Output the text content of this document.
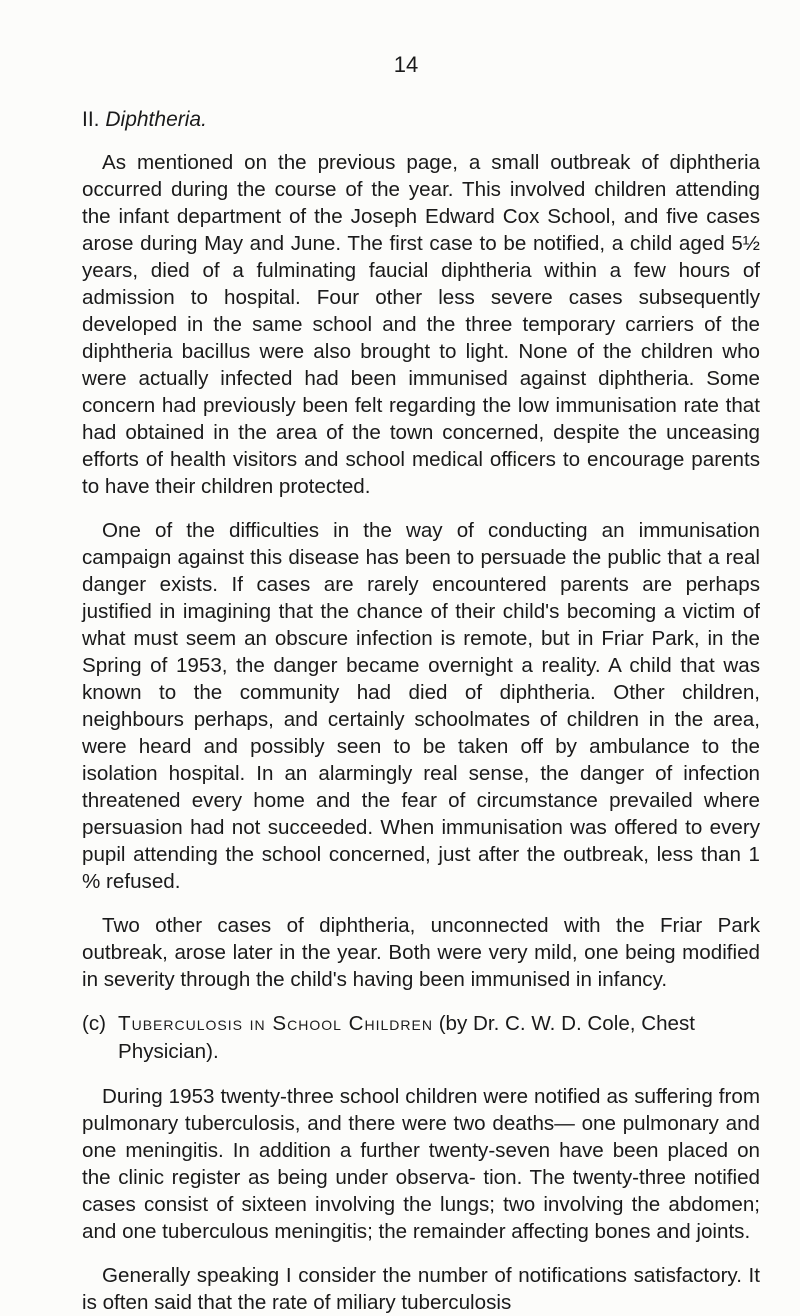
14
II. Diphtheria.

As mentioned on the previous page, a small outbreak of diphtheria occurred during the course of the year. This involved children attending the infant department of the Joseph Edward Cox School, and five cases arose during May and June. The first case to be notified, a child aged 5½ years, died of a fulminating faucial diphtheria within a few hours of admission to hospital. Four other less severe cases subsequently developed in the same school and the three temporary carriers of the diphtheria bacillus were also brought to light. None of the children who were actually infected had been immunised against diphtheria. Some concern had previously been felt regarding the low immunisation rate that had obtained in the area of the town concerned, despite the unceasing efforts of health visitors and school medical officers to encourage parents to have their children protected.

One of the difficulties in the way of conducting an immunisation campaign against this disease has been to persuade the public that a real danger exists. If cases are rarely encountered parents are perhaps justified in imagining that the chance of their child's becoming a victim of what must seem an obscure infection is remote, but in Friar Park, in the Spring of 1953, the danger became overnight a reality. A child that was known to the community had died of diphtheria. Other children, neighbours perhaps, and certainly schoolmates of children in the area, were heard and possibly seen to be taken off by ambulance to the isolation hospital. In an alarmingly real sense, the danger of infection threatened every home and the fear of circumstance prevailed where persuasion had not succeeded. When immunisation was offered to every pupil attending the school concerned, just after the outbreak, less than 1 % refused.

Two other cases of diphtheria, unconnected with the Friar Park outbreak, arose later in the year. Both were very mild, one being modified in severity through the child's having been immunised in infancy.

(c) Tuberculosis in School Children (by Dr. C. W. D. Cole, Chest Physician).

During 1953 twenty-three school children were notified as suffering from pulmonary tuberculosis, and there were two deaths— one pulmonary and one meningitis. In addition a further twenty-seven have been placed on the clinic register as being under observa- tion. The twenty-three notified cases consist of sixteen involving the lungs; two involving the abdomen; and one tuberculous meningitis; the remainder affecting bones and joints.

Generally speaking I consider the number of notifications satisfactory. It is often said that the rate of miliary tuberculosis
